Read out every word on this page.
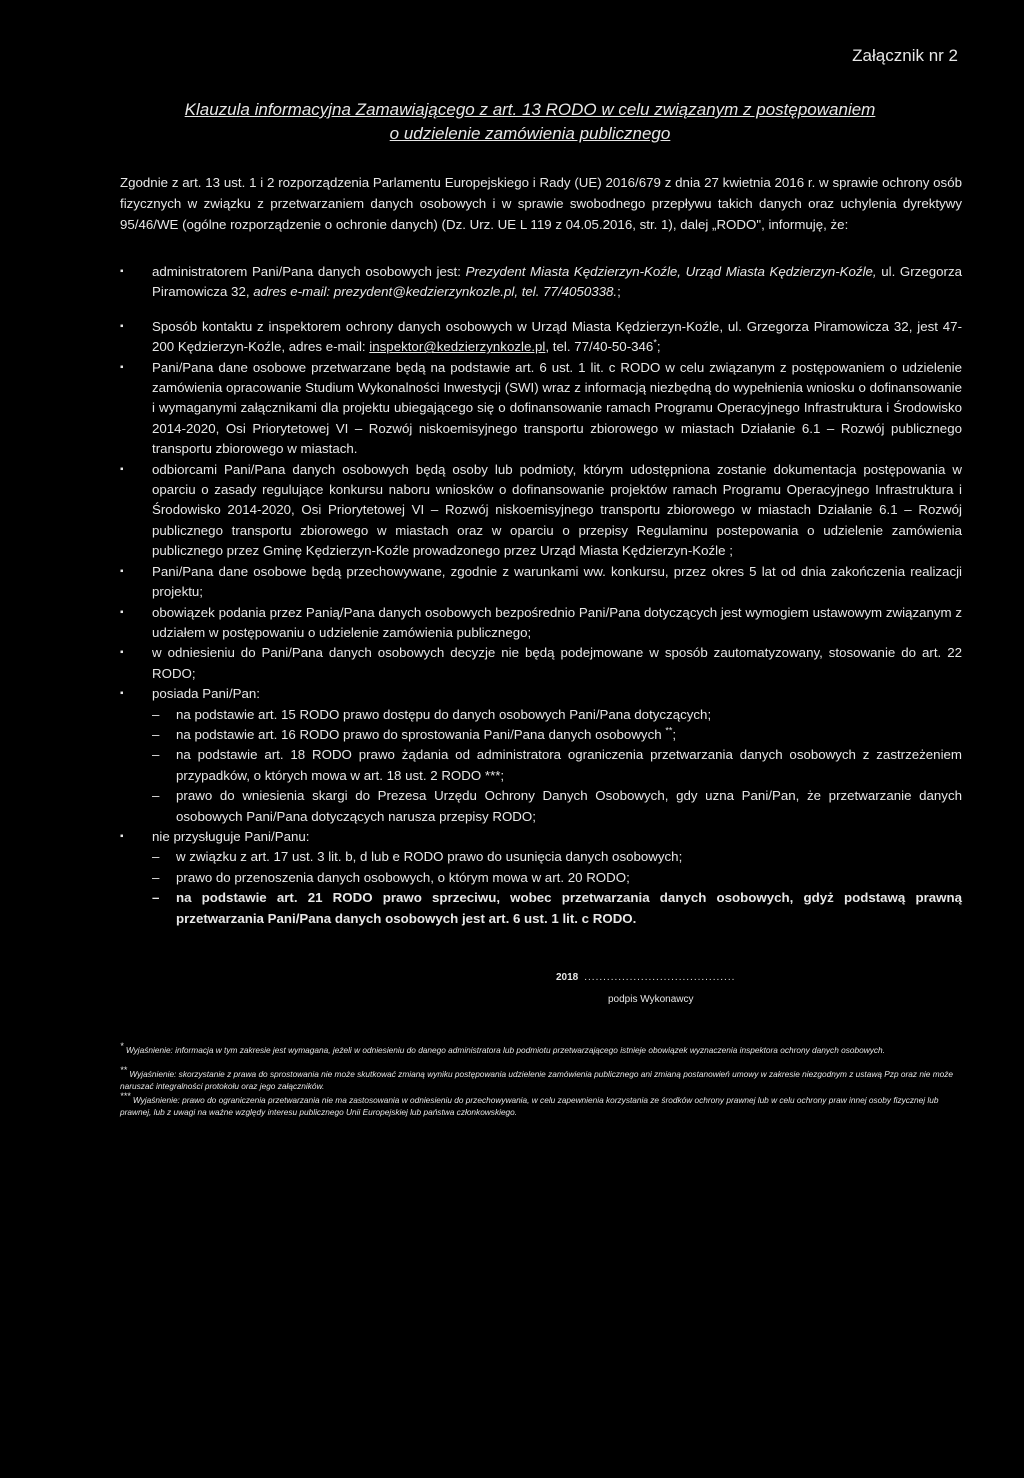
Załącznik nr 2
Klauzula informacyjna Zamawiającego z art. 13 RODO w celu związanym z postępowaniem
o udzielenie zamówienia publicznego
Zgodnie z art. 13 ust. 1 i 2 rozporządzenia Parlamentu Europejskiego i Rady (UE) 2016/679 z dnia 27 kwietnia 2016 r. w sprawie ochrony osób fizycznych w związku z przetwarzaniem danych osobowych i w sprawie swobodnego przepływu takich danych oraz uchylenia dyrektywy 95/46/WE (ogólne rozporządzenie o ochronie danych) (Dz. Urz. UE L 119 z 04.05.2016, str. 1), dalej „RODO", informuję, że:
▪ administratorem Pani/Pana danych osobowych jest: Prezydent Miasta Kędzierzyn-Koźle, Urząd Miasta Kędzierzyn-Koźle, ul. Grzegorza Piramowicza 32, adres e-mail: prezydent@kedzierzynkozle.pl, tel. 77/4050338.;
▪ Sposób kontaktu z inspektorem ochrony danych osobowych w Urząd Miasta Kędzierzyn-Koźle, ul. Grzegorza Piramowicza 32, jest 47-200 Kędzierzyn-Koźle, adres e-mail: inspektor@kedzierzynkozle.pl, tel. 77/40-50-346*;
▪ Pani/Pana dane osobowe przetwarzane będą na podstawie art. 6 ust. 1 lit. c RODO w celu związanym z postępowaniem o udzielenie zamówienia opracowanie Studium Wykonalności Inwestycji (SWI) wraz z informacją niezbędną do wypełnienia wniosku o dofinansowanie i wymaganymi załącznikami dla projektu ubiegającego się o dofinansowanie ramach Programu Operacyjnego Infrastruktura i Środowisko 2014-2020, Osi Priorytetowej VI – Rozwój niskoemisyjnego transportu zbiorowego w miastach Działanie 6.1 – Rozwój publicznego transportu zbiorowego w miastach.
▪ odbiorcami Pani/Pana danych osobowych będą osoby lub podmioty, którym udostępniona zostanie dokumentacja postępowania w oparciu o zasady regulujące konkursu naboru wniosków o dofinansowanie projektów ramach Programu Operacyjnego Infrastruktura i Środowisko 2014-2020, Osi Priorytetowej VI – Rozwój niskoemisyjnego transportu zbiorowego w miastach Działanie 6.1 – Rozwój publicznego transportu zbiorowego w miastach oraz w oparciu o przepisy Regulaminu postepowania o udzielenie zamówienia publicznego przez Gminę Kędzierzyn-Koźle prowadzonego przez Urząd Miasta Kędzierzyn-Koźle ;
▪ Pani/Pana dane osobowe będą przechowywane, zgodnie z warunkami ww. konkursu, przez okres 5 lat od dnia zakończenia realizacji projektu;
▪ obowiązek podania przez Panią/Pana danych osobowych bezpośrednio Pani/Pana dotyczących jest wymogiem ustawowym związanym z udziałem w postępowaniu o udzielenie zamówienia publicznego;
▪ w odniesieniu do Pani/Pana danych osobowych decyzje nie będą podejmowane w sposób zautomatyzowany, stosowanie do art. 22 RODO;
▪ posiada Pani/Pan:
– na podstawie art. 15 RODO prawo dostępu do danych osobowych Pani/Pana dotyczących;
– na podstawie art. 16 RODO prawo do sprostowania Pani/Pana danych osobowych **;
– na podstawie art. 18 RODO prawo żądania od administratora ograniczenia przetwarzania danych osobowych z zastrzeżeniem przypadków, o których mowa w art. 18 ust. 2 RODO ***;
– prawo do wniesienia skargi do Prezesa Urzędu Ochrony Danych Osobowych, gdy uzna Pani/Pan, że przetwarzanie danych osobowych Pani/Pana dotyczących narusza przepisy RODO;
▪ nie przysługuje Pani/Panu:
– w związku z art. 17 ust. 3 lit. b, d lub e RODO prawo do usunięcia danych osobowych;
– prawo do przenoszenia danych osobowych, o którym mowa w art. 20 RODO;
– na podstawie art. 21 RODO prawo sprzeciwu, wobec przetwarzania danych osobowych, gdyż podstawą prawną przetwarzania Pani/Pana danych osobowych jest art. 6 ust. 1 lit. c RODO.
2018 ........................................
podpis Wykonawcy

* Wyjaśnienie: informacja w tym zakresie jest wymagana, jeżeli w odniesieniu do danego administratora lub podmiotu przetwarzającego istnieje obowiązek wyznaczenia inspektora ochrony danych osobowych.

** Wyjaśnienie: skorzystanie z prawa do sprostowania nie może skutkować zmianą wyniku postępowania udzielenie zamówienia publicznego ani zmianą postanowień umowy w zakresie niezgodnym z ustawą Pzp oraz nie może naruszać integralności protokołu oraz jego załączników.

*** Wyjaśnienie: prawo do ograniczenia przetwarzania nie ma zastosowania w odniesieniu do przechowywania, w celu zapewnienia korzystania ze środków ochrony prawnej lub w celu ochrony praw innej osoby fizycznej lub prawnej, lub z uwagi na ważne względy interesu publicznego Unii Europejskiej lub państwa członkowskiego.
